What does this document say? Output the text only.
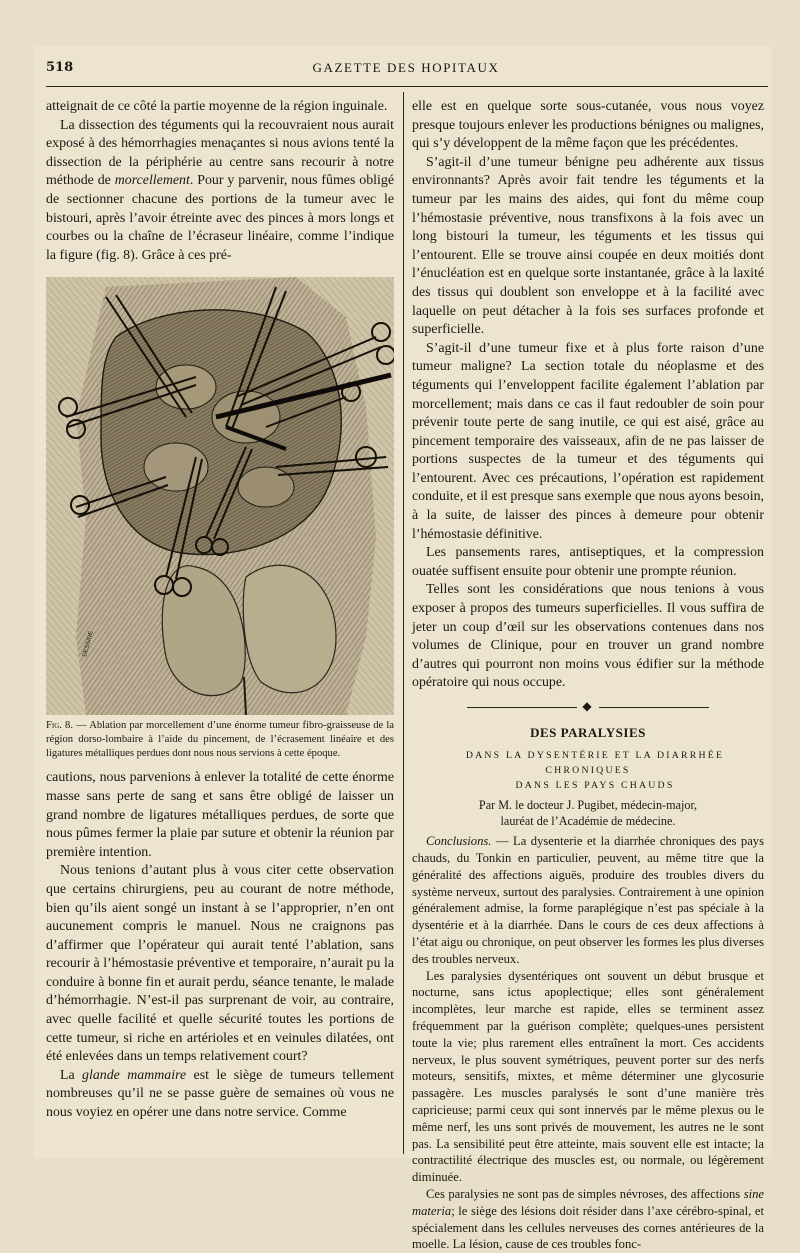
518	GAZETTE DES HOPITAUX

atteignait de ce côté la partie moyenne de la région inguinale.

La dissection des téguments qui la recouvraient nous aurait exposé à des hémorrhagies menaçantes si nous avions tenté la dissection de la périphérie au centre sans recourir à notre méthode de morcellement. Pour y parvenir, nous fûmes obligé de sectionner chacune des portions de la tumeur avec le bistouri, après l’avoir étreinte avec des pinces à mors longs et courbes ou la chaîne de l’écraseur linéaire, comme l’indique la figure (fig. 8). Grâce à ces pré-

DESSINE
Fig. 8. — Ablation par morcellement d’une énorme tumeur fibro-graisseuse de la région dorso-lombaire à l’aide du pincement, de l’écrasement linéaire et des ligatures métalliques perdues dont nous nous servions à cette époque.

cautions, nous parvenions à enlever la totalité de cette énorme masse sans perte de sang et sans être obligé de laisser un grand nombre de ligatures métalliques perdues, de sorte que nous pûmes fermer la plaie par suture et obtenir la réunion par première intention.

Nous tenions d’autant plus à vous citer cette observation que certains chirurgiens, peu au courant de notre méthode, bien qu’ils aient songé un instant à se l’approprier, n’en ont aucunement compris le manuel. Nous ne craignons pas d’affirmer que l’opérateur qui aurait tenté l’ablation, sans recourir à l’hémostasie préventive et temporaire, n’aurait pu la conduire à bonne fin et aurait perdu, séance tenante, le malade d’hémorrhagie. N’est-il pas surprenant de voir, au contraire, avec quelle facilité et quelle sécurité toutes les portions de cette tumeur, si riche en artérioles et en veinules dilatées, ont été enlevées dans un temps relativement court?

La glande mammaire est le siège de tumeurs tellement nombreuses qu’il ne se passe guère de semaines où vous ne nous voyiez en opérer une dans notre service. Comme

elle est en quelque sorte sous-cutanée, vous nous voyez presque toujours enlever les productions bénignes ou malignes, qui s’y développent de la même façon que les précédentes.

S’agit-il d’une tumeur bénigne peu adhérente aux tissus environnants? Après avoir fait tendre les téguments et la tumeur par les mains des aides, qui font du même coup l’hémostasie préventive, nous transfixons à la fois avec un long bistouri la tumeur, les téguments et les tissus qui l’entourent. Elle se trouve ainsi coupée en deux moitiés dont l’énucléation est en quelque sorte instantanée, grâce à la laxité des tissus qui doublent son enveloppe et à la facilité avec laquelle on peut détacher à la fois ses surfaces profonde et superficielle.

S’agit-il d’une tumeur fixe et à plus forte raison d’une tumeur maligne? La section totale du néoplasme et des téguments qui l’enveloppent facilite également l’ablation par morcellement; mais dans ce cas il faut redoubler de soin pour prévenir toute perte de sang inutile, ce qui est aisé, grâce au pincement temporaire des vaisseaux, afin de ne pas laisser de portions suspectes de la tumeur et des téguments qui l’entourent. Avec ces précautions, l’opération est rapidement conduite, et il est presque sans exemple que nous ayons besoin, à la suite, de laisser des pinces à demeure pour obtenir l’hémostasie définitive.

Les pansements rares, antiseptiques, et la compression ouatée suffisent ensuite pour obtenir une prompte réunion.

Telles sont les considérations que nous tenions à vous exposer à propos des tumeurs superficielles. Il vous suffira de jeter un coup d’œil sur les observations contenues dans nos volumes de Clinique, pour en trouver un grand nombre d’autres qui pourront non moins vous édifier sur la méthode opératoire qui nous occupe.

◆
DES PARALYSIES

DANS LA DYSENTÉRIE ET LA DIARRHÉE CHRONIQUES

DANS LES PAYS CHAUDS

Par M. le docteur J. Pugibet, médecin-major,
lauréat de l’Académie de médecine.

Conclusions. — La dysenterie et la diarrhée chroniques des pays chauds, du Tonkin en particulier, peuvent, au même titre que la généralité des affections aiguës, produire des troubles divers du système nerveux, surtout des paralysies. Contrairement à une opinion généralement admise, la forme paraplégique n’est pas spéciale à la dysentérie et à la diarrhée. Dans le cours de ces deux affections à l’état aigu ou chronique, on peut observer les formes les plus diverses des troubles nerveux.

Les paralysies dysentériques ont souvent un début brusque et nocturne, sans ictus apoplectique; elles sont généralement incomplètes, leur marche est rapide, elles se terminent assez fréquemment par la guérison complète; quelques-unes persistent toute la vie; plus rarement elles entraînent la mort. Ces accidents nerveux, le plus souvent symétriques, peuvent porter sur des nerfs moteurs, sensitifs, mixtes, et même déterminer une glycosurie passagère. Les muscles paralysés le sont d’une manière très capricieuse; parmi ceux qui sont innervés par le même plexus ou le même nerf, les uns sont privés de mouvement, les autres ne le sont pas. La sensibilité peut être atteinte, mais souvent elle est intacte; la contractilité électrique des muscles est, ou normale, ou légèrement diminuée.

Ces paralysies ne sont pas de simples névroses, des affections sine materia; le siège des lésions doit résider dans l’axe cérébro-spinal, et spécialement dans les cellules nerveuses des cornes antérieures de la moelle. La lésion, cause de ces troubles fonc-
